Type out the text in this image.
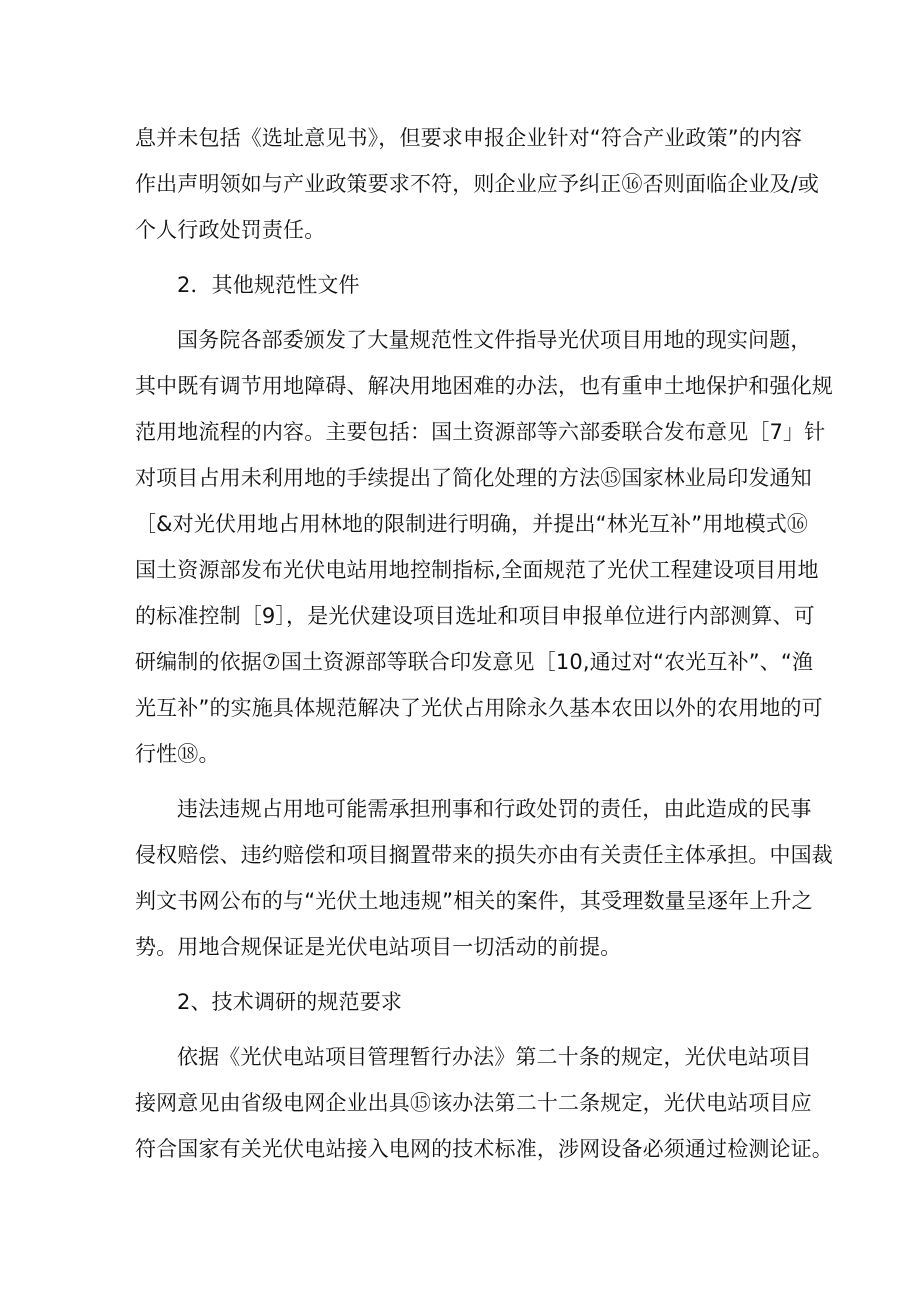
息并未包括《选址意见书》，但要求申报企业针对“符合产业政策”的内容
作出声明领如与产业政策要求不符，则企业应予纠正⑯否则面临企业及/或
个人行政处罚责任。
2．其他规范性文件
国务院各部委颁发了大量规范性文件指导光伏项目用地的现实问题，
其中既有调节用地障碍、解决用地困难的办法，也有重申土地保护和强化规
范用地流程的内容。主要包括：国土资源部等六部委联合发布意见［7」针
对项目占用未利用地的手续提出了简化处理的方法⑮国家林业局印发通知
［&对光伏用地占用林地的限制进行明确，并提出“林光互补”用地模式⑯
国土资源部发布光伏电站用地控制指标,全面规范了光伏工程建设项目用地
的标准控制［9］，是光伏建设项目选址和项目申报单位进行内部测算、可
研编制的依据⑦国土资源部等联合印发意见［10,通过对“农光互补”、“渔
光互补”的实施具体规范解决了光伏占用除永久基本农田以外的农用地的可
行性⑱。
违法违规占用地可能需承担刑事和行政处罚的责任，由此造成的民事
侵权赔偿、违约赔偿和项目搁置带来的损失亦由有关责任主体承担。中国裁
判文书网公布的与“光伏土地违规”相关的案件，其受理数量呈逐年上升之
势。用地合规保证是光伏电站项目一切活动的前提。
2、技术调研的规范要求
依据《光伏电站项目管理暂行办法》第二十条的规定，光伏电站项目
接网意见由省级电网企业出具⑮该办法第二十二条规定，光伏电站项目应
符合国家有关光伏电站接入电网的技术标准，涉网设备必须通过检测论证。
